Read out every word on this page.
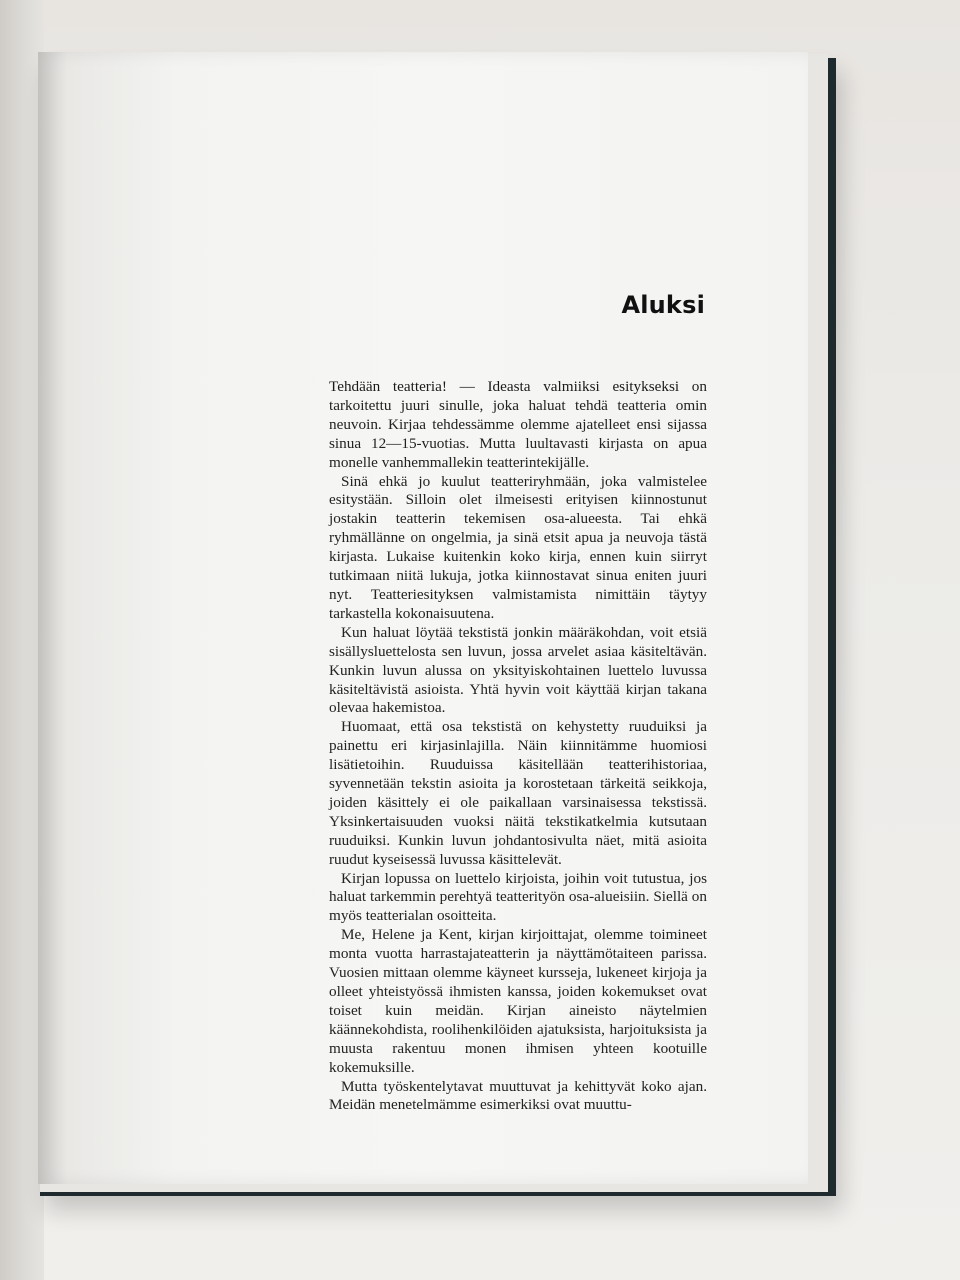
Aluksi

Tehdään teatteria! — Ideasta valmiiksi esitykseksi on tarkoitettu juuri sinulle, joka haluat tehdä teatteria omin neuvoin. Kirjaa tehdessämme olemme ajatelleet ensi sijassa sinua 12—15-vuotias. Mutta luultavasti kirjasta on apua monelle vanhemmallekin teatterintekijälle.

Sinä ehkä jo kuulut teatteriryhmään, joka valmistelee esitystään. Silloin olet ilmeisesti erityisen kiinnostunut jostakin teatterin tekemisen osa-alueesta. Tai ehkä ryhmällänne on ongelmia, ja sinä etsit apua ja neuvoja tästä kirjasta. Lukaise kuitenkin koko kirja, ennen kuin siirryt tutkimaan niitä lukuja, jotka kiinnostavat sinua eniten juuri nyt. Teatteriesityksen valmistamista nimittäin täytyy tarkastella kokonaisuutena.

Kun haluat löytää tekstistä jonkin määräkohdan, voit etsiä sisällysluettelosta sen luvun, jossa arvelet asiaa käsiteltävän. Kunkin luvun alussa on yksityiskohtainen luettelo luvussa käsiteltävistä asioista. Yhtä hyvin voit käyttää kirjan takana olevaa hakemistoa.

Huomaat, että osa tekstistä on kehystetty ruuduiksi ja painettu eri kirjasinlajilla. Näin kiinnitämme huomiosi lisätietoihin. Ruuduissa käsitellään teatterihistoriaa, syvennetään tekstin asioita ja korostetaan tärkeitä seikkoja, joiden käsittely ei ole paikallaan varsinaisessa tekstissä. Yksinkertaisuuden vuoksi näitä tekstikatkelmia kutsutaan ruuduiksi. Kunkin luvun johdantosivulta näet, mitä asioita ruudut kyseisessä luvussa käsittelevät.

Kirjan lopussa on luettelo kirjoista, joihin voit tutustua, jos haluat tarkemmin perehtyä teatterityön osa-alueisiin. Siellä on myös teatterialan osoitteita.

Me, Helene ja Kent, kirjan kirjoittajat, olemme toimineet monta vuotta harrastajateatterin ja näyttämötaiteen parissa. Vuosien mittaan olemme käyneet kursseja, lukeneet kirjoja ja olleet yhteistyössä ihmisten kanssa, joiden kokemukset ovat toiset kuin meidän. Kirjan aineisto näytelmien käännekohdista, roolihenkilöiden ajatuksista, harjoituksista ja muusta rakentuu monen ihmisen yhteen kootuille kokemuksille.

Mutta työskentelytavat muuttuvat ja kehittyvät koko ajan. Meidän menetelmämme esimerkiksi ovat muuttu-
